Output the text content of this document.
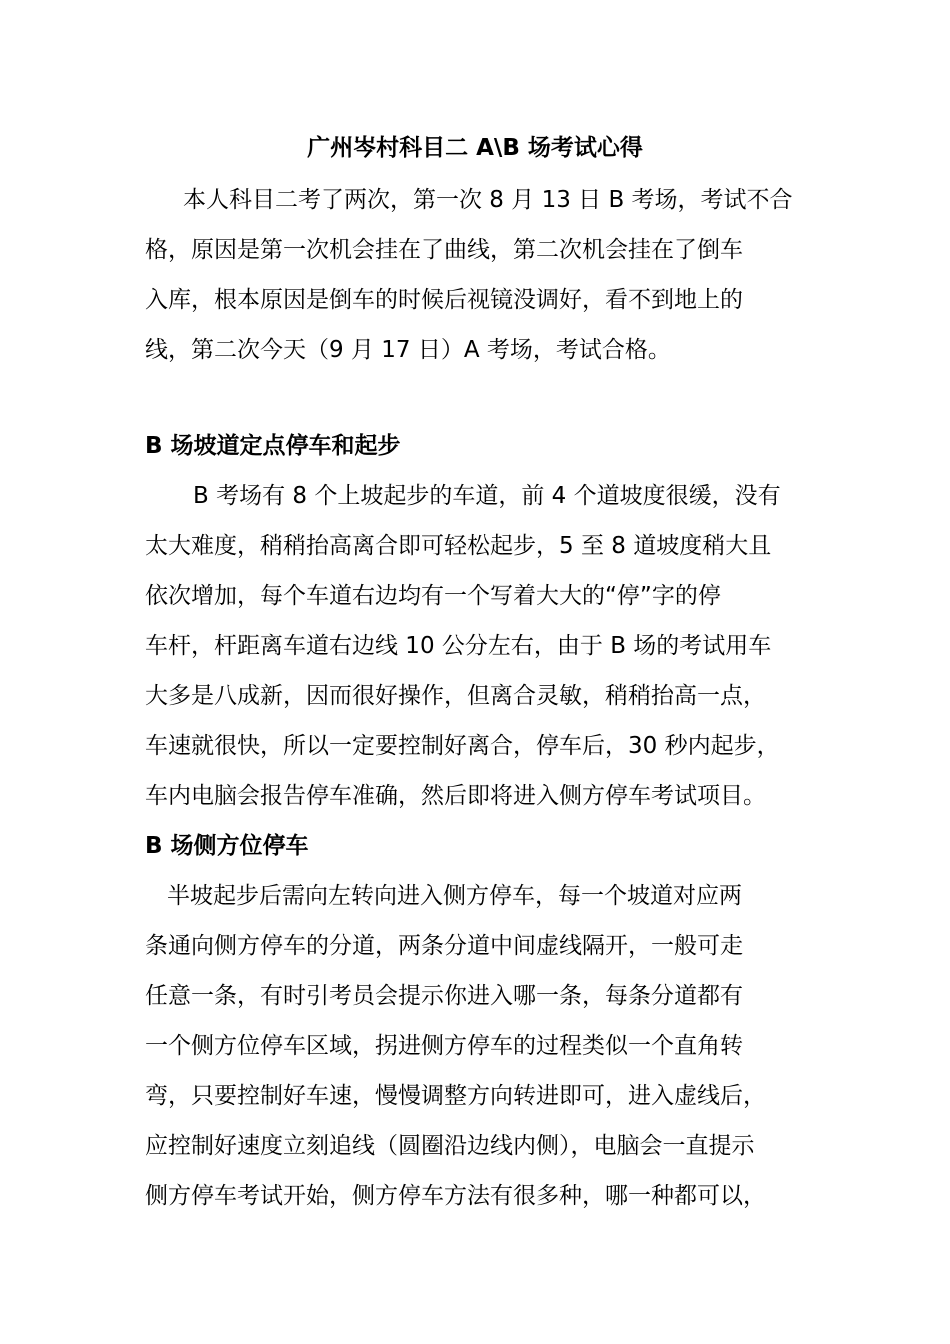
广州岑村科目二 A\B 场考试心得
本人科目二考了两次，第一次 8 月 13 日 B 考场，考试不合
格，原因是第一次机会挂在了曲线，第二次机会挂在了倒车
入库，根本原因是倒车的时候后视镜没调好，看不到地上的
线，第二次今天（9 月 17 日）A 考场，考试合格。
B 场坡道定点停车和起步
B 考场有 8 个上坡起步的车道，前 4 个道坡度很缓，没有
太大难度，稍稍抬高离合即可轻松起步，5 至 8 道坡度稍大且
依次增加，每个车道右边均有一个写着大大的“停”字的停
车杆，杆距离车道右边线 10 公分左右，由于 B 场的考试用车
大多是八成新，因而很好操作，但离合灵敏，稍稍抬高一点，
车速就很快，所以一定要控制好离合，停车后，30 秒内起步，
车内电脑会报告停车准确，然后即将进入侧方停车考试项目。
B 场侧方位停车
半坡起步后需向左转向进入侧方停车，每一个坡道对应两
条通向侧方停车的分道，两条分道中间虚线隔开，一般可走
任意一条，有时引考员会提示你进入哪一条，每条分道都有
一个侧方位停车区域，拐进侧方停车的过程类似一个直角转
弯，只要控制好车速，慢慢调整方向转进即可，进入虚线后，
应控制好速度立刻追线（圆圈沿边线内侧），电脑会一直提示
侧方停车考试开始，侧方停车方法有很多种，哪一种都可以，
